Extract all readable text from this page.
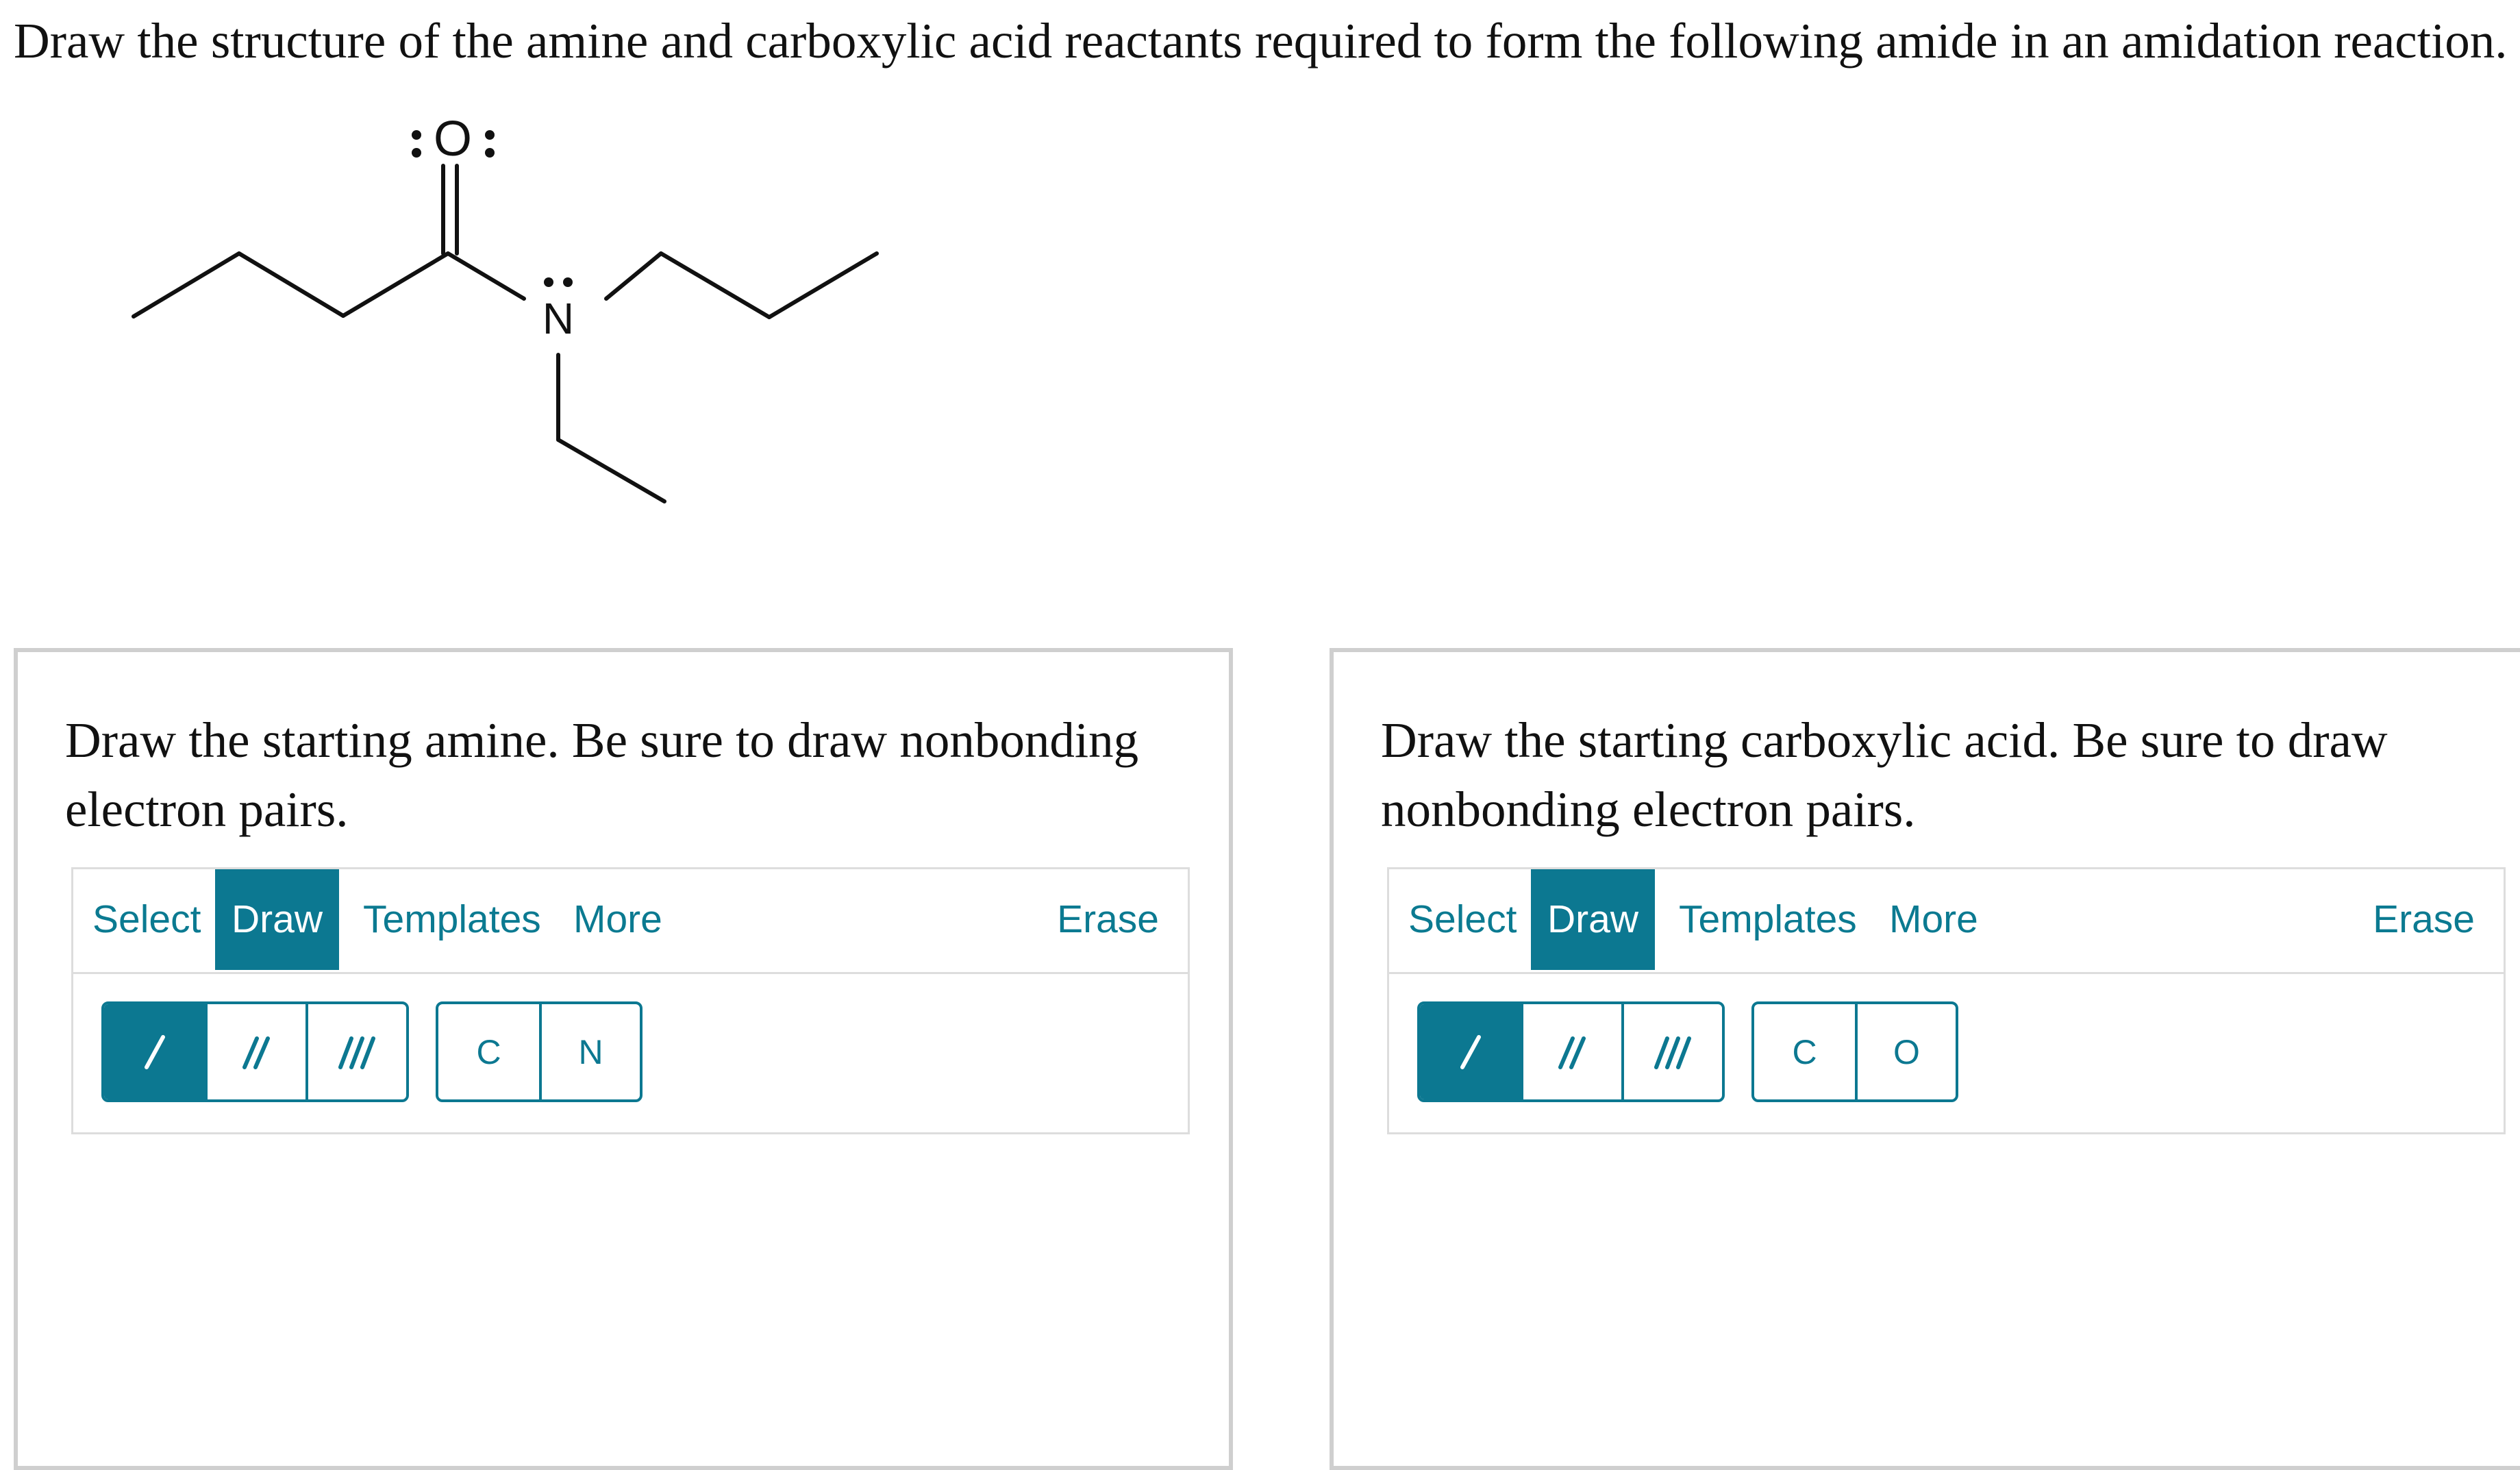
Draw the structure of the amine and carboxylic acid reactants required to form the following amide in an amidation reaction.
O
N
Draw the starting amine. Be sure to draw nonbonding electron pairs.
Select Draw	Templates More	Erase
C	N
Draw the starting carboxylic acid. Be sure to draw nonbonding electron pairs.
Select Draw	Templates More	Erase
C	O
